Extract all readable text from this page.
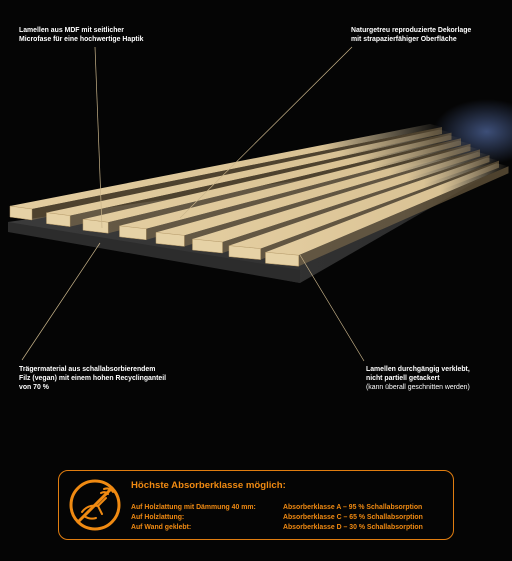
Lamellen aus MDF mit seitlicher
Microfase für eine hochwertige Haptik

Naturgetreu reproduzierte Dekorlage
mit strapazierfähiger Oberfläche

Trägermaterial aus schallabsorbierendem
Filz (vegan) mit einem hohen Recyclinganteil
von 70 %

Lamellen durchgängig verklebt,
nicht partiell getackert
(kann überall geschnitten werden)

Höchste Absorberklasse möglich:

Auf Holzlattung mit Dämmung 40 mm:	Absorberklasse A – 95 % Schallabsorption
Auf Holzlattung:	Absorberklasse C – 65 % Schallabsorption
Auf Wand geklebt:	Absorberklasse D – 30 % Schallabsorption
